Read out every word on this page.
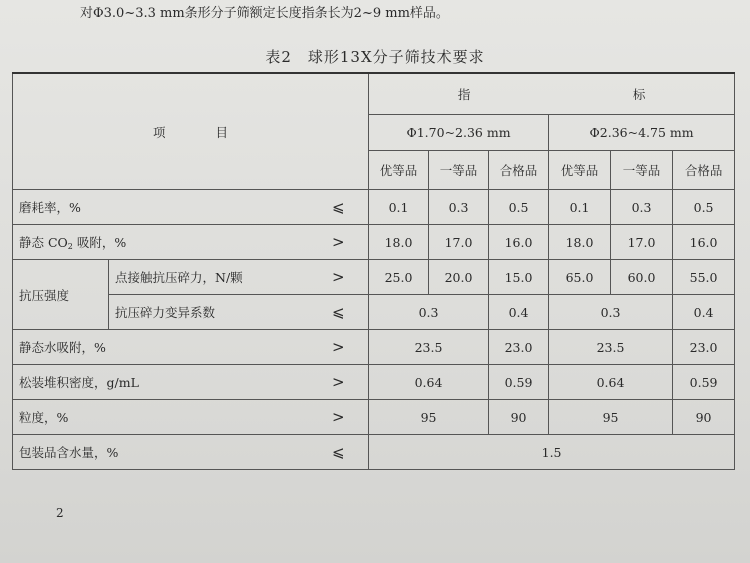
对Φ3.0~3.3 mm条形分子筛额定长度指条长为2~9 mm样品。
表2　球形13X分子筛技术要求
项　　　　目			指　　　　　　　　　　　　　标					
			Φ1.70~2.36 mm			Φ2.36~4.75 mm		
			优等品	一等品	合格品	优等品	一等品	合格品
磨耗率，%		⩽	0.1	0.3	0.5	0.1	0.3	0.5
静态 $CO_2$ 吸附，%		>	18.0	17.0	16.0	18.0	17.0	16.0
抗压强度	点接触抗压碎力，N/颗	>	25.0	20.0	15.0	65.0	60.0	55.0
	抗压碎力变异系数	⩽	0.3		0.4	0.3		0.4
静态水吸附，%		>	23.5		23.0	23.5		23.0
松装堆积密度，g/mL		>	0.64		0.59	0.64		0.59
粒度，%		>	95		90	95		90
包装品含水量，%		⩽	1.5					
2
